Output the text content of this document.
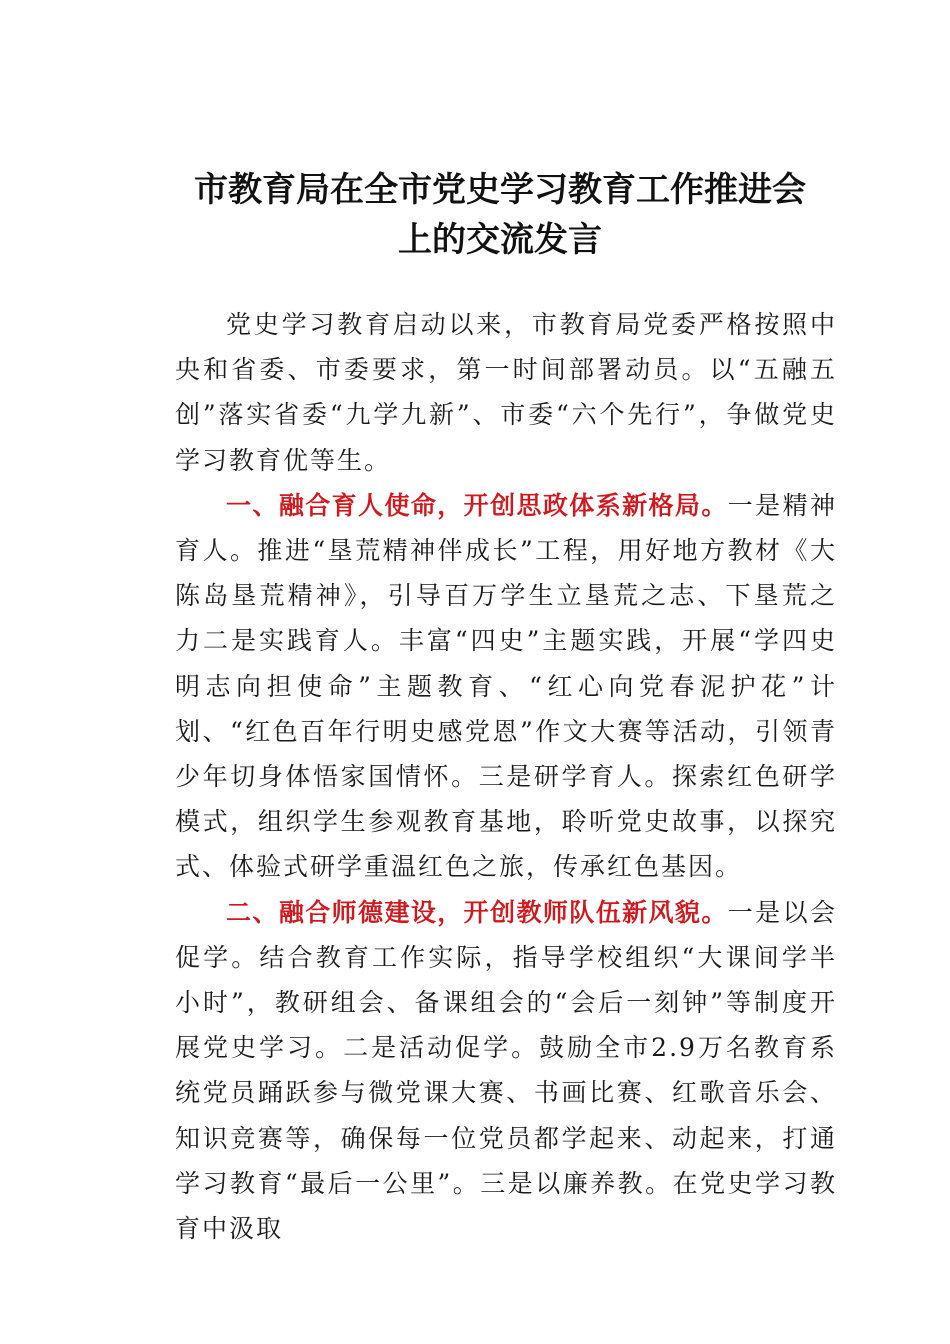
市教育局在全市党史学习教育工作推进会
上的交流发言

党史学习教育启动以来，市教育局党委严格按照中央和省委、市委要求，第一时间部署动员。以“五融五创”落实省委“九学九新”、市委“六个先行”，争做党史学习教育优等生。

一、融合育人使命，开创思政体系新格局。一是精神育人。推进“垦荒精神伴成长”工程，用好地方教材《大陈岛垦荒精神》，引导百万学生立垦荒之志、下垦荒之力二是实践育人。丰富“四史”主题实践，开展“学四史明志向担使命”主题教育、“红心向党春泥护花”计划、“红色百年行明史感党恩”作文大赛等活动，引领青少年切身体悟家国情怀。三是研学育人。探索红色研学模式，组织学生参观教育基地，聆听党史故事，以探究式、体验式研学重温红色之旅，传承红色基因。

二、融合师德建设，开创教师队伍新风貌。一是以会促学。结合教育工作实际，指导学校组织“大课间学半小时”，教研组会、备课组会的“会后一刻钟”等制度开展党史学习。二是活动促学。鼓励全市2.9万名教育系统党员踊跃参与微党课大赛、书画比赛、红歌音乐会、知识竞赛等，确保每一位党员都学起来、动起来，打通学习教育“最后一公里”。三是以廉养教。在党史学习教育中汲取
